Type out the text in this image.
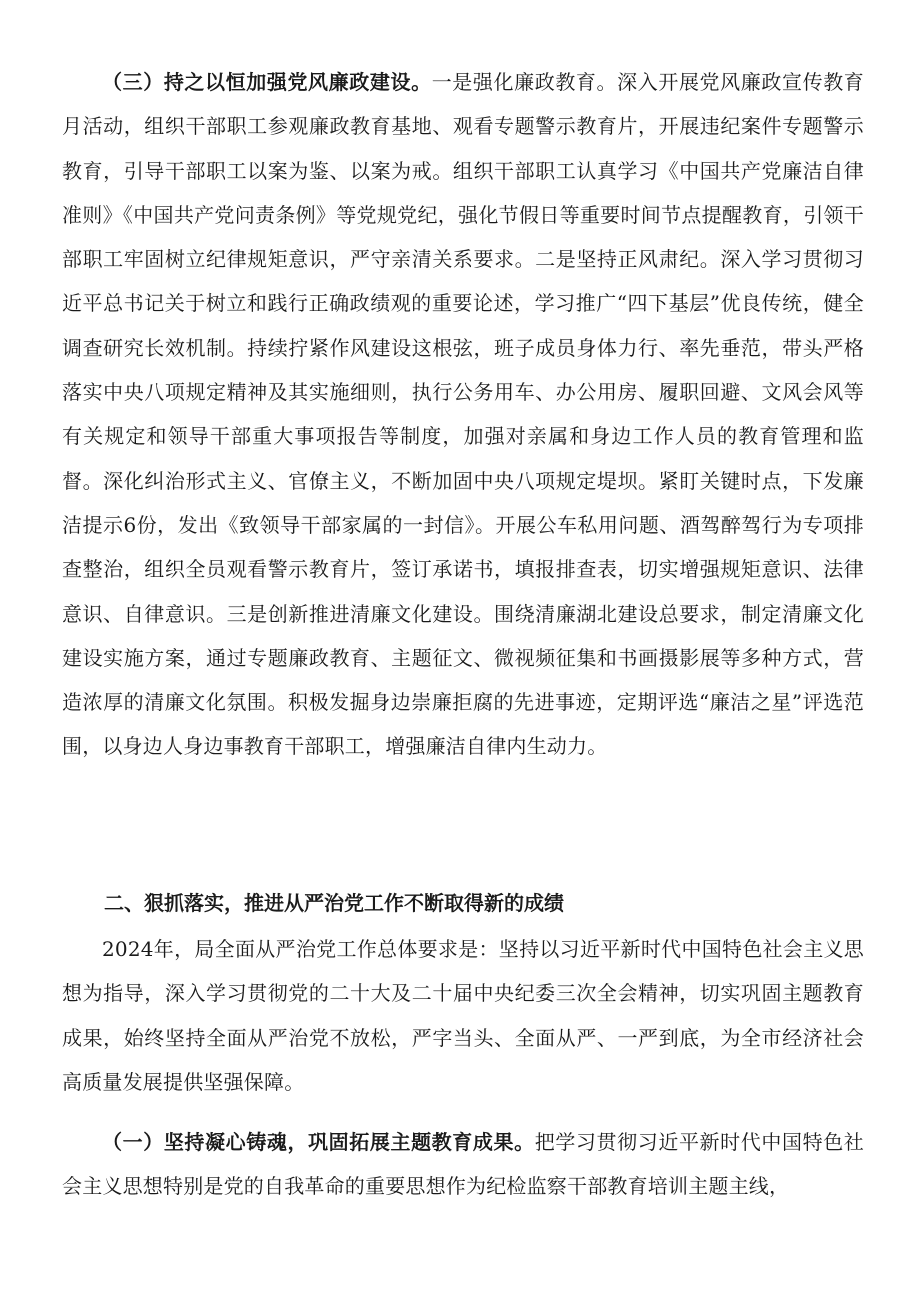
（三）持之以恒加强党风廉政建设。一是强化廉政教育。深入开展党风廉政宣传教育月活动，组织干部职工参观廉政教育基地、观看专题警示教育片，开展违纪案件专题警示教育，引导干部职工以案为鉴、以案为戒。组织干部职工认真学习《中国共产党廉洁自律准则》《中国共产党问责条例》等党规党纪，强化节假日等重要时间节点提醒教育，引领干部职工牢固树立纪律规矩意识，严守亲清关系要求。二是坚持正风肃纪。深入学习贯彻习近平总书记关于树立和践行正确政绩观的重要论述，学习推广“四下基层”优良传统，健全调查研究长效机制。持续拧紧作风建设这根弦，班子成员身体力行、率先垂范，带头严格落实中央八项规定精神及其实施细则，执行公务用车、办公用房、履职回避、文风会风等有关规定和领导干部重大事项报告等制度，加强对亲属和身边工作人员的教育管理和监督。深化纠治形式主义、官僚主义，不断加固中央八项规定堤坝。紧盯关键时点，下发廉洁提示6份，发出《致领导干部家属的一封信》。开展公车私用问题、酒驾醉驾行为专项排查整治，组织全员观看警示教育片，签订承诺书，填报排查表，切实增强规矩意识、法律意识、自律意识。三是创新推进清廉文化建设。围绕清廉湖北建设总要求，制定清廉文化建设实施方案，通过专题廉政教育、主题征文、微视频征集和书画摄影展等多种方式，营造浓厚的清廉文化氛围。积极发掘身边崇廉拒腐的先进事迹，定期评选“廉洁之星”评选范围，以身边人身边事教育干部职工，增强廉洁自律内生动力。

二、狠抓落实，推进从严治党工作不断取得新的成绩

2024年，局全面从严治党工作总体要求是：坚持以习近平新时代中国特色社会主义思想为指导，深入学习贯彻党的二十大及二十届中央纪委三次全会精神，切实巩固主题教育成果，始终坚持全面从严治党不放松，严字当头、全面从严、一严到底，为全市经济社会高质量发展提供坚强保障。

（一）坚持凝心铸魂，巩固拓展主题教育成果。把学习贯彻习近平新时代中国特色社会主义思想特别是党的自我革命的重要思想作为纪检监察干部教育培训主题主线，
